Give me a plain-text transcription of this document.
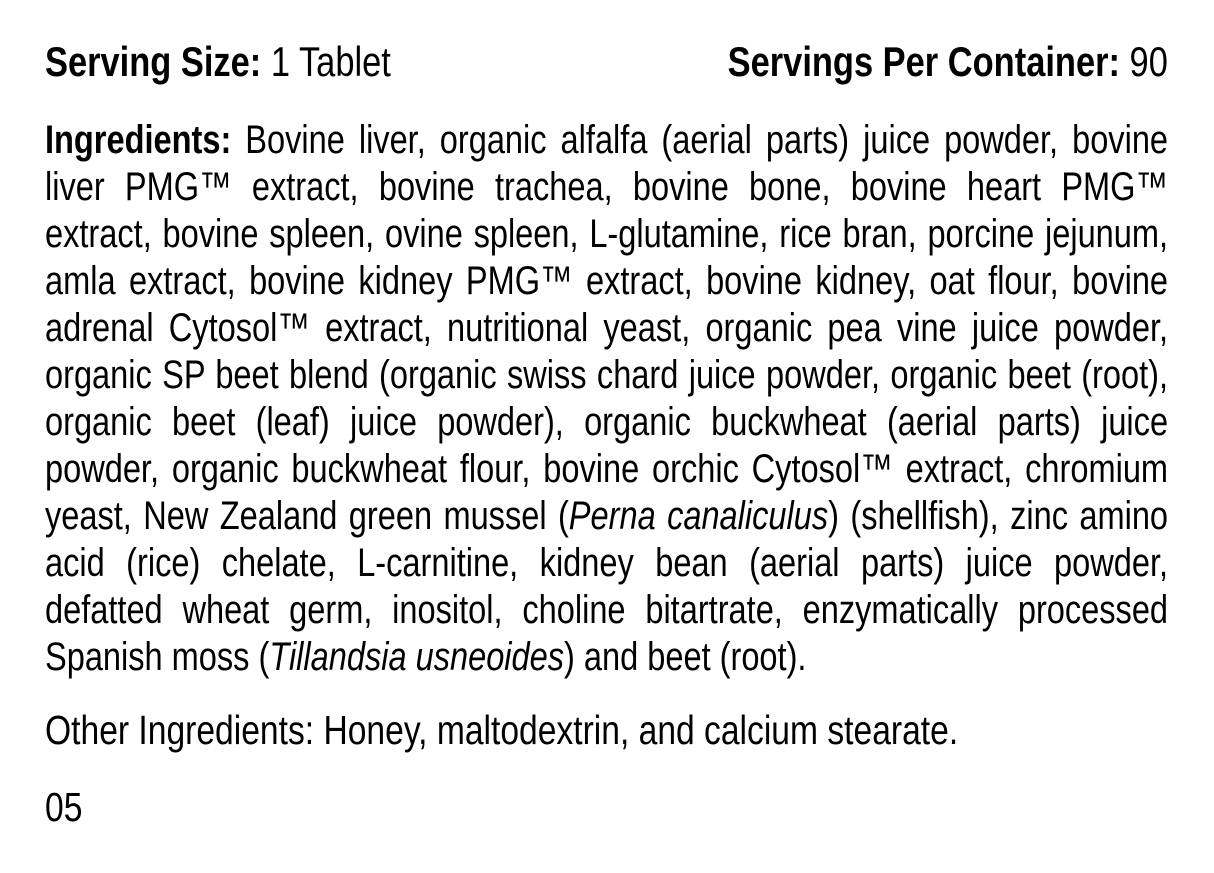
Serving Size: 1 Tablet	Servings Per Container: 90
Ingredients: Bovine liver, organic alfalfa (aerial parts) juice powder, bovine liver PMG™ extract, bovine trachea, bovine bone, bovine heart PMG™ extract, bovine spleen, ovine spleen, L-glutamine, rice bran, porcine jejunum, amla extract, bovine kidney PMG™ extract, bovine kidney, oat flour, bovine adrenal Cytosol™ extract, nutritional yeast, organic pea vine juice powder, organic SP beet blend (organic swiss chard juice powder, organic beet (root), organic beet (leaf) juice powder), organic buckwheat (aerial parts) juice powder, organic buckwheat flour, bovine orchic Cytosol™ extract, chromium yeast, New Zealand green mussel (Perna canaliculus) (shellfish), zinc amino acid (rice) chelate, L-carnitine, kidney bean (aerial parts) juice powder, defatted wheat germ, inositol, choline bitartrate, enzymatically processed Spanish moss (Tillandsia usneoides) and beet (root).
Other Ingredients: Honey, maltodextrin, and calcium stearate.
05
